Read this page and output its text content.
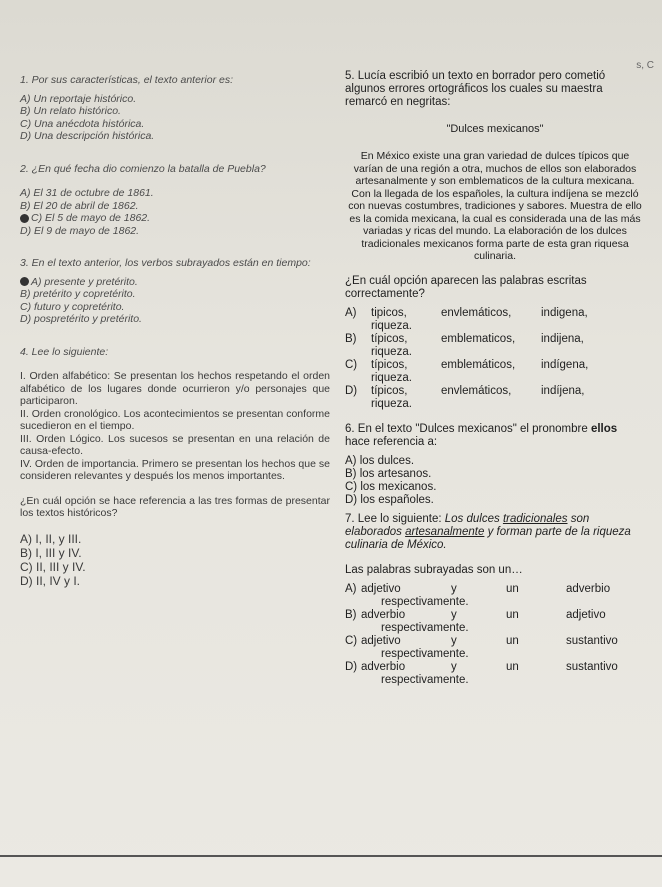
s, C

1. Por sus características, el texto anterior es:

A) Un reportaje histórico.

B) Un relato histórico.

C) Una anécdota histórica.

D) Una descripción histórica.

2. ¿En qué fecha dio comienzo la batalla de Puebla?

A) El 31 de octubre de 1861.

B) El 20 de abril de 1862.

C) El 5 de mayo de 1862.

D) El 9 de mayo de 1862.

3. En el texto anterior, los verbos subrayados están en tiempo:

A) presente y pretérito.

B) pretérito y copretérito.

C) futuro y copretérito.

D) pospretérito y pretérito.

4. Lee lo siguiente:

I. Orden alfabético: Se presentan los hechos respetando el orden alfabético de los lugares donde ocurrieron y/o personajes que participaron.

II. Orden cronológico. Los acontecimientos se presentan conforme sucedieron en el tiempo.

III. Orden Lógico. Los sucesos se presentan en una relación de causa-efecto.

IV. Orden de importancia. Primero se presentan los hechos que se consideren relevantes y después los menos importantes.

¿En cuál opción se hace referencia a las tres formas de presentar los textos históricos?

A) I, II, y III.

B) I, III y IV.

C) II, III y IV.

D) II, IV y I.

5. Lucía escribió un texto en borrador pero cometió algunos errores ortográficos los cuales su maestra remarcó en negritas:

"Dulces mexicanos"

En México existe una gran variedad de dulces típicos que varían de una región a otra, muchos de ellos son elaborados artesanalmente y son emblematicos de la cultura mexicana. Con la llegada de los españoles, la cultura indíjena se mezcló con nuevas costumbres, tradiciones y sabores. Muestra de ello es la comida mexicana, la cual es considerada una de las más variadas y ricas del mundo. La elaboración de los dulces tradicionales mexicanos forma parte de esta gran riquesa culinaria.

¿En cuál opción aparecen las palabras escritas correctamente?

A)	tipicos,	envlemáticos,	indigena,
riqueza.
B)	típicos,	emblematicos,	indijena,
riqueza.
C)	típicos,	emblemáticos,	indígena,
riqueza.
D)	típicos,	envlemáticos,	indíjena,
riqueza.

6. En el texto "Dulces mexicanos" el pronombre ellos hace referencia a:

A) los dulces.

B) los artesanos.

C) los mexicanos.

D) los españoles.

7. Lee lo siguiente: Los dulces tradicionales son elaborados artesanalmente y forman parte de la riqueza culinaria de México.

Las palabras subrayadas son un…

A) adjetivo	y	un	adverbio
respectivamente.
B) adverbio	y	un	adjetivo
respectivamente.
C) adjetivo	y	un	sustantivo
respectivamente.
D) adverbio	y	un	sustantivo
respectivamente.
